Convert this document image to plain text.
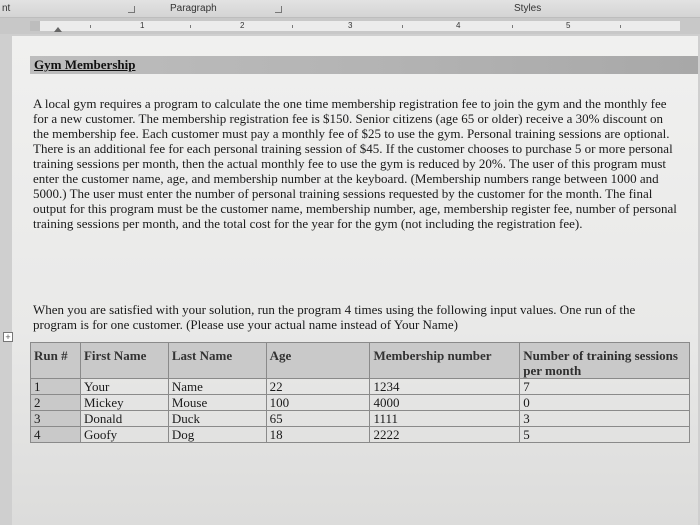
nt	Paragraph	Styles
1	2	3	4	5
Gym Membership

A local gym requires a program to calculate the one time membership registration fee to join the gym and the monthly fee for a new customer. The membership registration fee is $150. Senior citizens (age 65 or older) receive a 30% discount on the membership fee. Each customer must pay a monthly fee of $25 to use the gym. Personal training sessions are optional. There is an additional fee for each personal training session of $45. If the customer chooses to purchase 5 or more personal training sessions per month, then the actual monthly fee to use the gym is reduced by 20%. The user of this program must enter the customer name, age, and membership number at the keyboard. (Membership numbers range between 1000 and 5000.) The user must enter the number of personal training sessions requested by the customer for the month. The final output for this program must be the customer name, membership number, age, membership register fee, number of personal training sessions per month, and the total cost for the year for the gym (not including the registration fee).

When you are satisfied with your solution, run the program 4 times using the following input values. One run of the program is for one customer. (Please use your actual name instead of Your Name)

+
Run #	First Name	Last Name	Age	Membership number	Number of training sessions per month
1	Your	Name	22	1234	7
2	Mickey	Mouse	100	4000	0
3	Donald	Duck	65	1111	3
4	Goofy	Dog	18	2222	5
